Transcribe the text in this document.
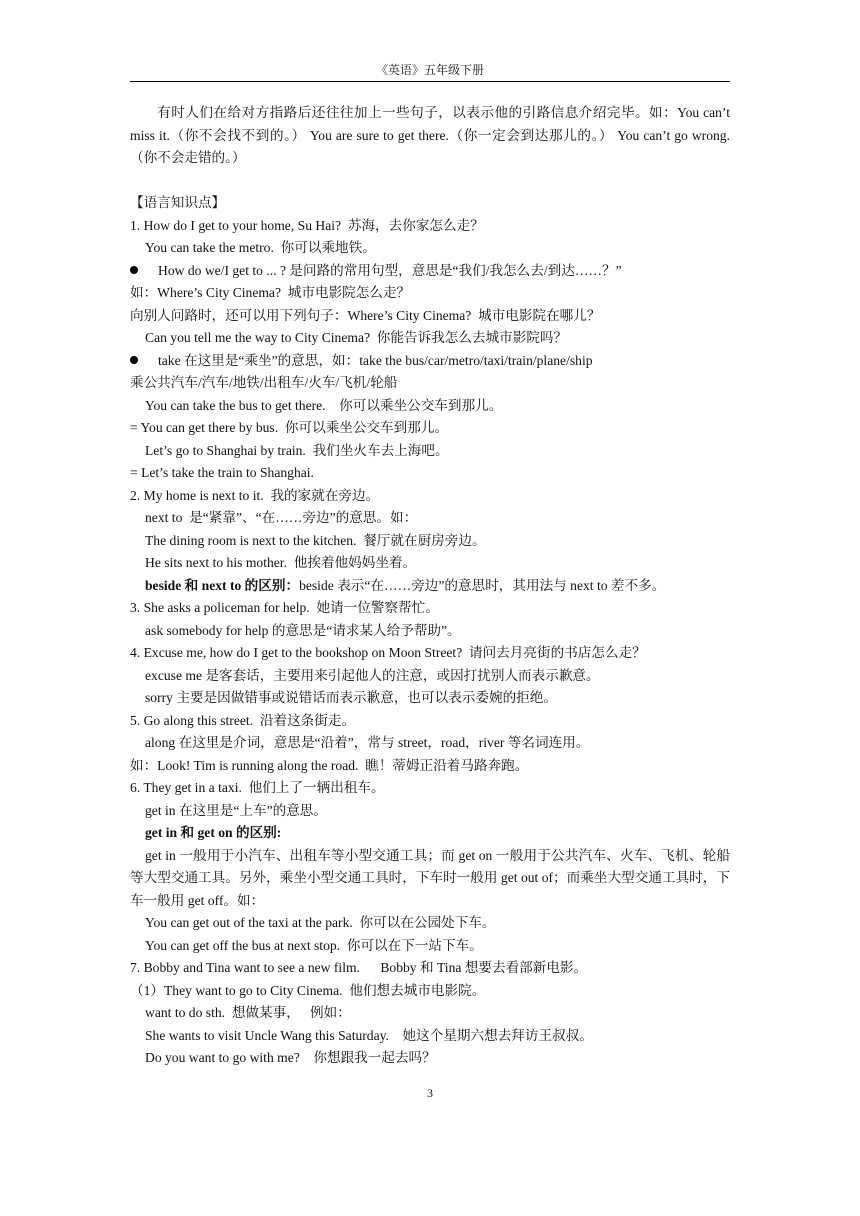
《英语》五年级下册
有时人们在给对方指路后还往往加上一些句子，以表示他的引路信息介绍完毕。如：You can’t miss it.（你不会找不到的。） You are sure to get there.（你一定会到达那儿的。） You can’t go wrong.（你不会走错的。）
【语言知识点】
1. How do I get to your home, Su Hai?  苏海，去你家怎么走？
You can take the metro.  你可以乘地铁。
How do we/I get to ... ? 是问路的常用句型，意思是“我们/我怎么去/到达……？”
如：Where’s City Cinema?  城市电影院怎么走？
向别人问路时，还可以用下列句子：Where’s City Cinema?  城市电影院在哪儿？
Can you tell me the way to City Cinema?  你能告诉我怎么去城市影院吗？
take 在这里是“乘坐”的意思，如：take the bus/car/metro/taxi/train/plane/ship
乘公共汽车/汽车/地铁/出租车/火车/飞机/轮船
You can take the bus to get there.    你可以乘坐公交车到那儿。
= You can get there by bus.  你可以乘坐公交车到那儿。
Let’s go to Shanghai by train.  我们坐火车去上海吧。
= Let’s take the train to Shanghai.
2. My home is next to it.  我的家就在旁边。
next to  是“紧靠”、“在……旁边”的意思。如：
The dining room is next to the kitchen.  餐厅就在厨房旁边。
He sits next to his mother.  他挨着他妈妈坐着。
beside 和 next to 的区别：beside 表示“在……旁边”的意思时，其用法与 next to 差不多。
3. She asks a policeman for help.  她请一位警察帮忙。
ask somebody for help 的意思是“请求某人给予帮助”。
4. Excuse me, how do I get to the bookshop on Moon Street?  请问去月亮街的书店怎么走？
excuse me 是客套话，主要用来引起他人的注意，或因打扰别人而表示歉意。
sorry 主要是因做错事或说错话而表示歉意，也可以表示委婉的拒绝。
5. Go along this street.  沿着这条街走。
along 在这里是介词，意思是“沿着”，常与 street，road，river 等名词连用。
如：Look! Tim is running along the road.  瞧！蒂姆正沿着马路奔跑。
6. They get in a taxi.  他们上了一辆出租车。
get in 在这里是“上车”的意思。
get in 和 get on 的区别:
get in 一般用于小汽车、出租车等小型交通工具；而 get on 一般用于公共汽车、火车、飞机、轮船等大型交通工具。另外，乘坐小型交通工具时，下车时一般用 get out of；而乘坐大型交通工具时，下车一般用 get off。如：
You can get out of the taxi at the park.  你可以在公园处下车。
You can get off the bus at next stop.  你可以在下一站下车。
7. Bobby and Tina want to see a new film.      Bobby 和 Tina 想要去看部新电影。
（1）They want to go to City Cinema.  他们想去城市电影院。
want to do sth.  想做某事，   例如：
She wants to visit Uncle Wang this Saturday.    她这个星期六想去拜访王叔叔。
Do you want to go with me?    你想跟我一起去吗？
3
